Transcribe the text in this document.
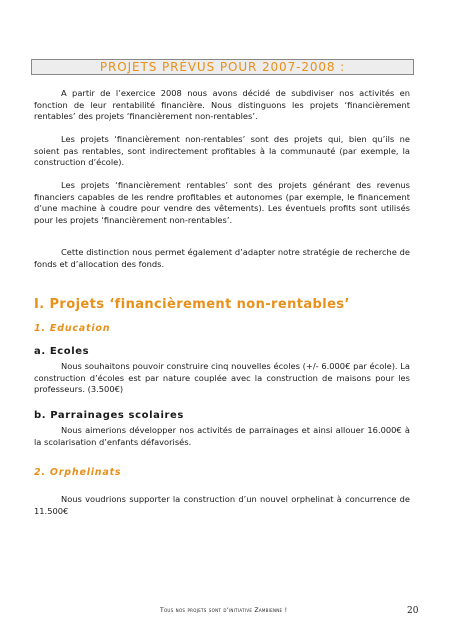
PROJETS PRÉVUS POUR 2007-2008 :

A partir de l’exercice 2008 nous avons décidé de subdiviser nos activités en fonction de leur rentabilité financière. Nous distinguons les projets ‘financièrement rentables’ des projets ‘financièrement non-rentables’.

Les projets ‘financièrement non-rentables’ sont des projets qui, bien qu’ils ne soient pas rentables, sont indirectement profitables à la communauté (par exemple, la construction d’école).

Les projets ‘financièrement rentables’ sont des projets générant des revenus financiers capables de les rendre profitables et autonomes (par exemple, le financement d’une machine à coudre pour vendre des vêtements). Les éventuels profits sont utilisés pour les projets ‘financièrement non-rentables’.

Cette distinction nous permet également d’adapter notre stratégie de recherche de fonds et d’allocation des fonds.

I. Projets ‘financièrement non-rentables’
1. Education
a. Ecoles

Nous souhaitons pouvoir construire cinq nouvelles écoles (+/- 6.000€ par école). La construction d’écoles est par nature couplée avec la construction de maisons pour les professeurs. (3.500€)

b. Parrainages scolaires

Nous aimerions développer nos activités de parrainages et ainsi allouer 16.000€ à la scolarisation d’enfants défavorisés.

2. Orphelinats

Nous voudrions supporter la construction d’un nouvel orphelinat à concurrence de 11.500€

Tous nos projets sont d’initiative Zambienne !	20
